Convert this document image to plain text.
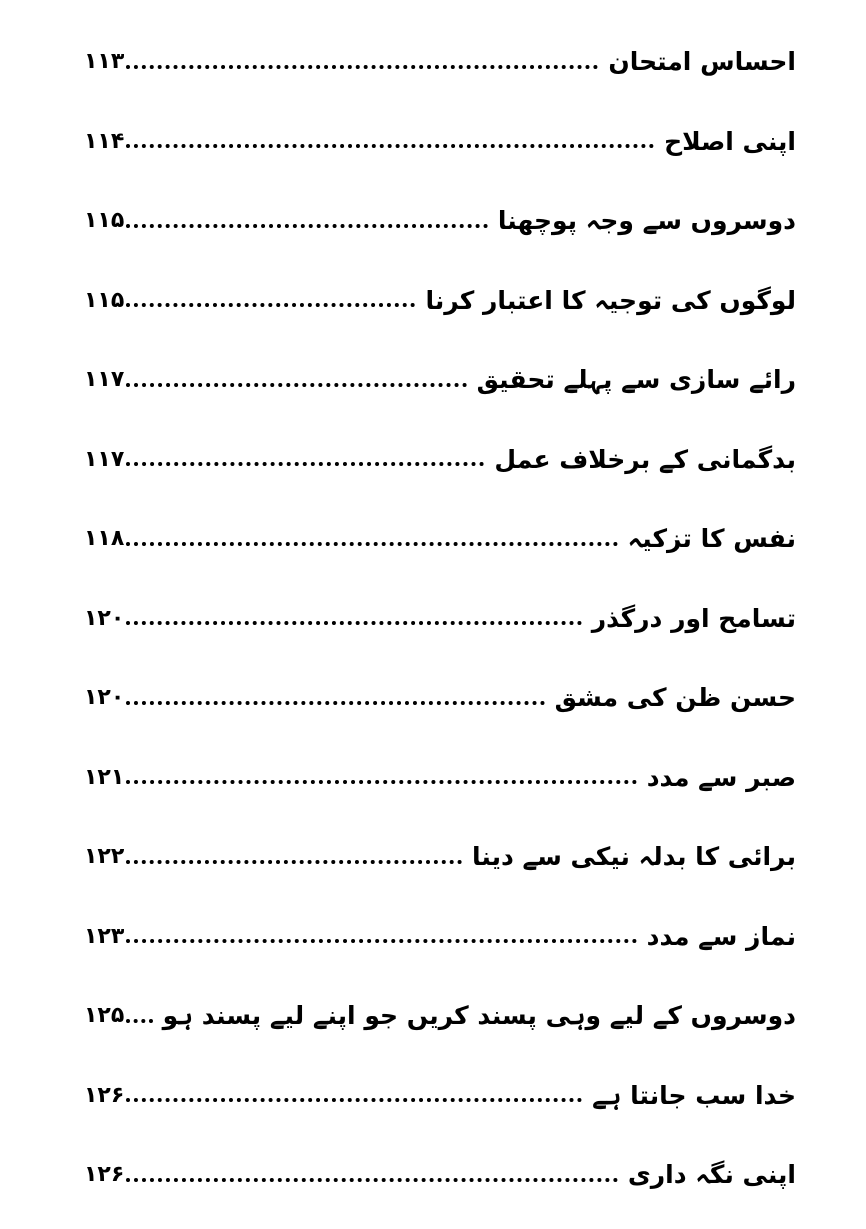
۱۱۳	احساس امتحان
۱۱۴	اپنی اصلاح
۱۱۵	دوسروں سے وجہ پوچھنا
۱۱۵	لوگوں کی توجیہ کا اعتبار کرنا
۱۱۷	رائے سازی سے پہلے تحقیق
۱۱۷	بدگمانی کے برخلاف عمل
۱۱۸	نفس کا تزکیہ
۱۲۰	تسامح اور درگذر
۱۲۰	حسن ظن کی مشق
۱۲۱	صبر سے مدد
۱۲۲	برائی کا بدلہ نیکی سے دینا
۱۲۳	نماز سے مدد
۱۲۵ دوسروں کے لیے وہی پسند کریں جو اپنے لیے پسند ہو
۱۲۶	خدا سب جانتا ہے
۱۲۶	اپنی نگہ داری
